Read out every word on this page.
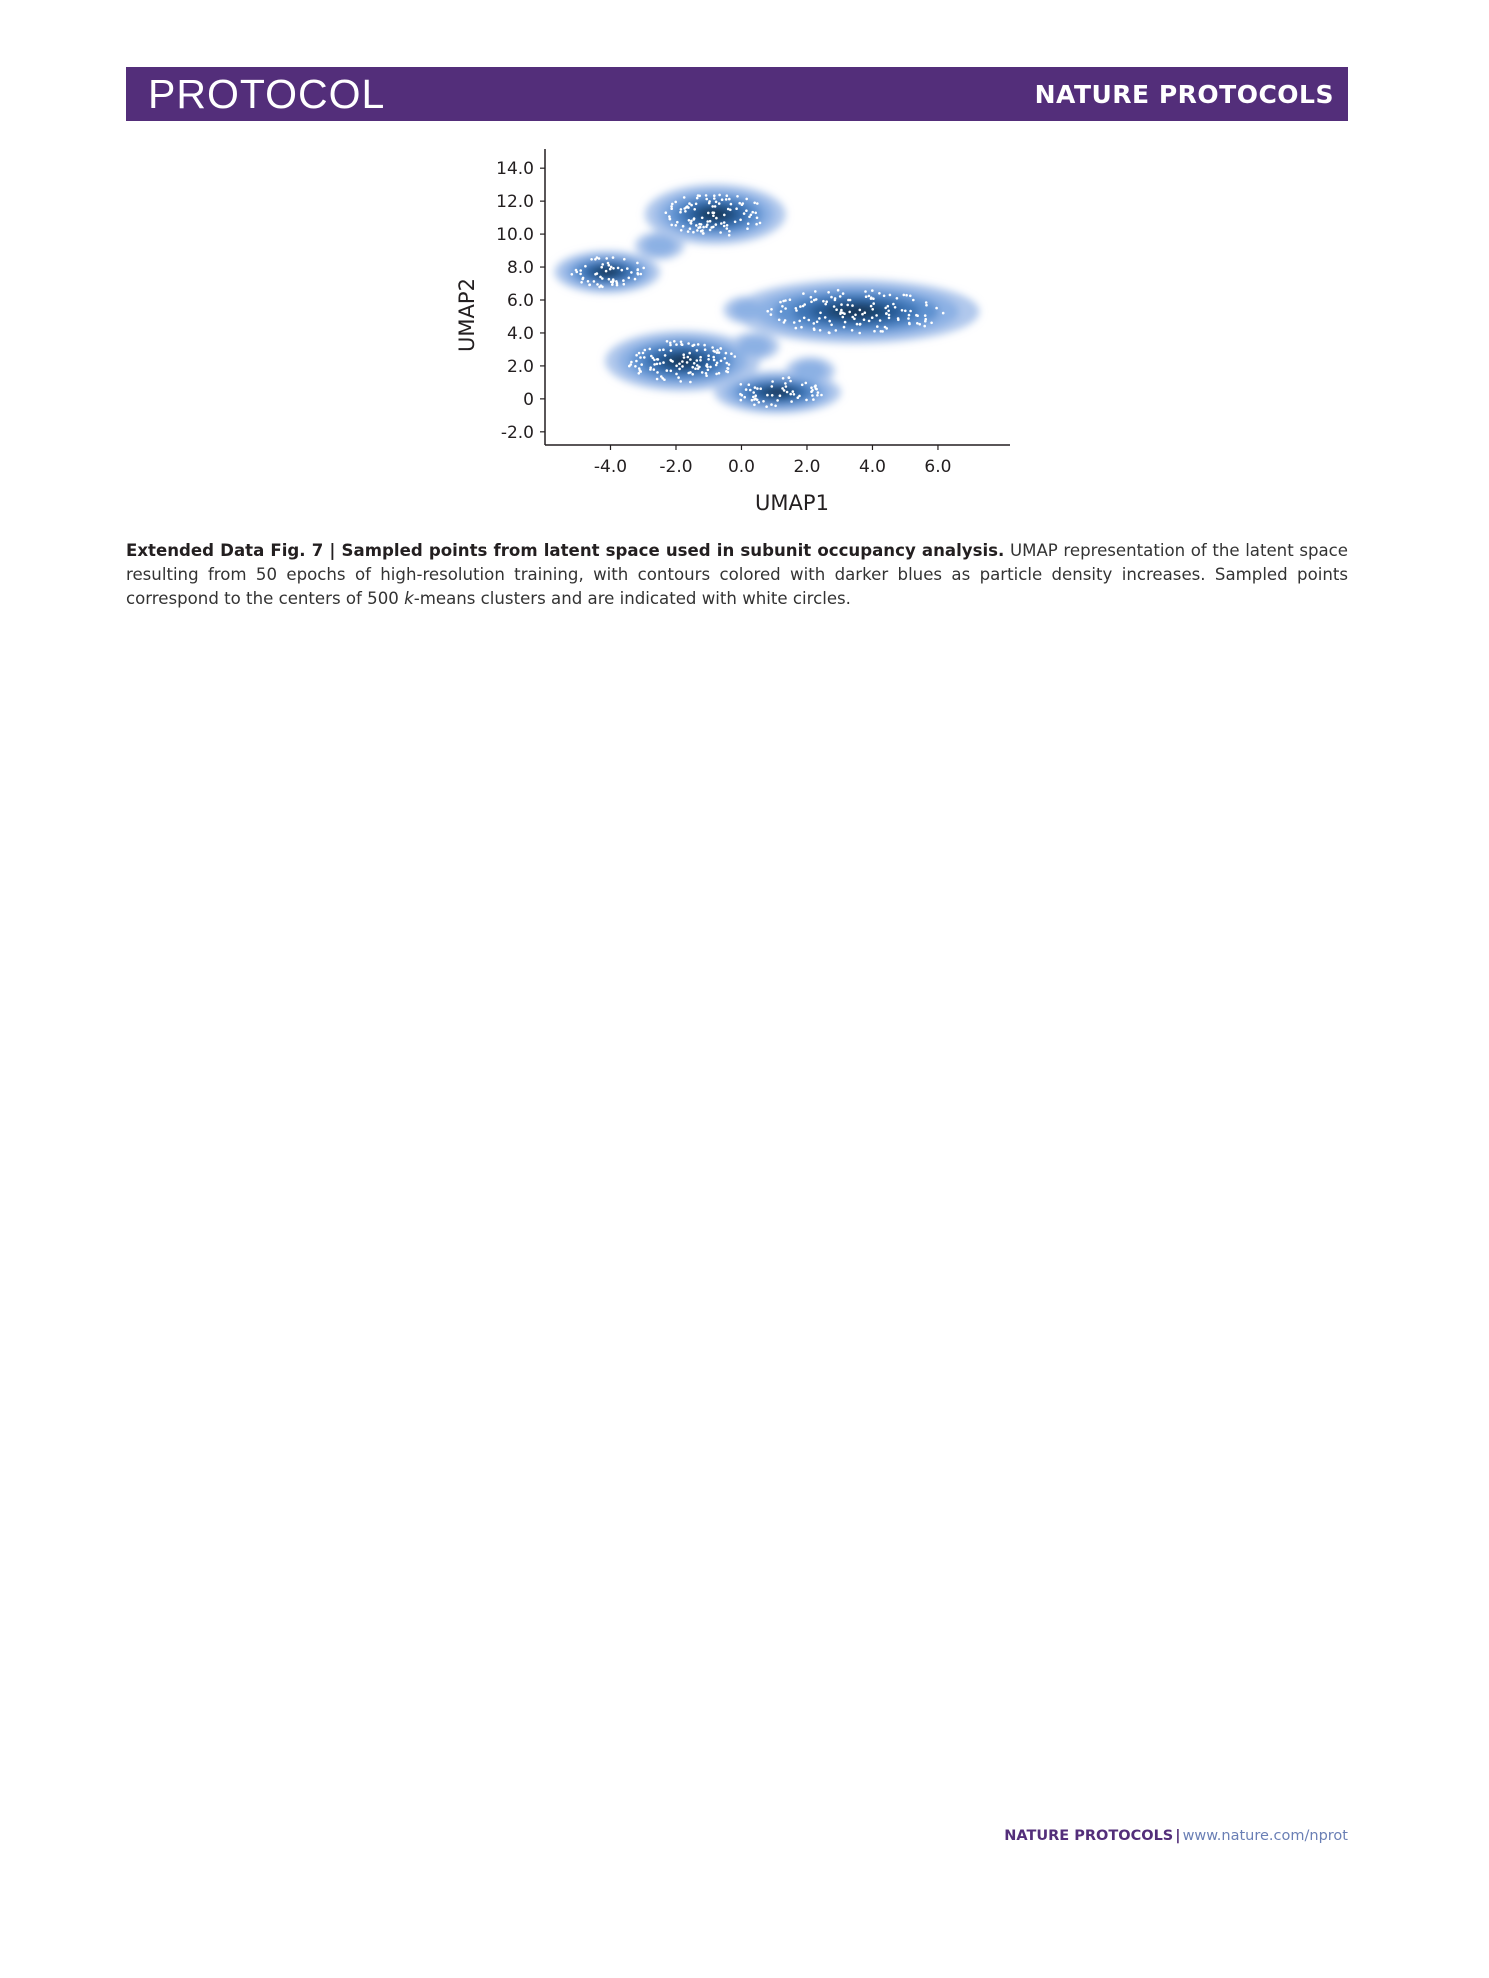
PROTOCOL	NATURE PROTOCOLS
-4.0 -2.0 0.0 2.0 4.0 6.0
14.0
12.0
10.0
8.0
6.0
4.0
2.0
0
-2.0
UMAP1
UMAP2

Extended Data Fig. 7 | Sampled points from latent space used in subunit occupancy analysis. UMAP representation of the latent space resulting from 50 epochs of high-resolution training, with contours colored with darker blues as particle density increases. Sampled points correspond to the centers of 500 k-means clusters and are indicated with white circles.

NATURE PROTOCOLS | www.nature.com/nprot
